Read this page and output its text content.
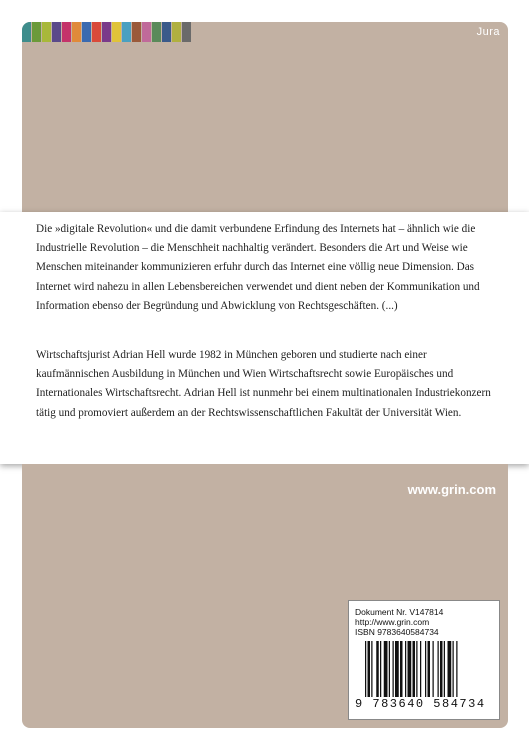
Jura

Die »digitale Revolution« und die damit verbundene Erfindung des Internets hat – ähnlich wie die Industrielle Revolution – die Menschheit nachhaltig verändert. Besonders die Art und Weise wie Menschen miteinander kommunizieren erfuhr durch das Internet eine völlig neue Dimension. Das Internet wird nahezu in allen Lebensbereichen verwendet und dient neben der Kommunikation und Information ebenso der Begründung und Abwicklung von Rechtsgeschäften. (...)

Wirtschaftsjurist Adrian Hell wurde 1982 in München geboren und studierte nach einer kaufmännischen Ausbildung in München und Wien Wirtschaftsrecht sowie Europäisches und Internationales Wirtschaftsrecht. Adrian Hell ist nunmehr bei einem multinationalen Industriekonzern tätig und promoviert außerdem an der Rechtswissenschaftlichen Fakultät der Universität Wien.

www.grin.com
Dokument Nr. V147814
http://www.grin.com
ISBN 9783640584734
9 783640 584734
